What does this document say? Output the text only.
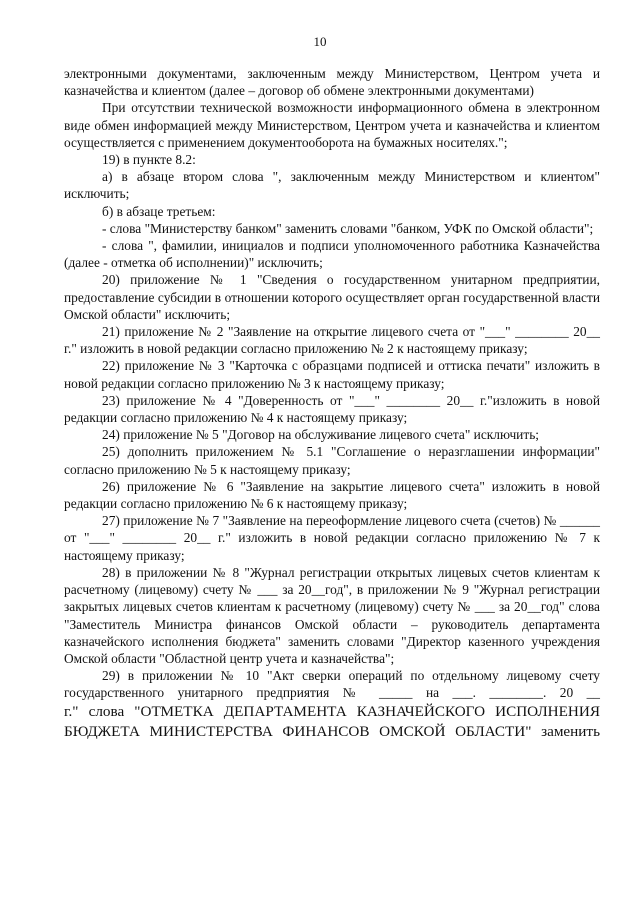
10

электронными документами, заключенным между Министерством, Центром учета и казначейства и клиентом (далее – договор об обмене электронными документами)

При отсутствии технической возможности информационного обмена в электронном виде обмен информацией между Министерством, Центром учета и казначейства и клиентом осуществляется с применением документооборота на бумажных носителях.";

19) в пункте 8.2:

а) в абзаце втором слова ", заключенным между Министерством и клиентом" исключить;

б) в абзаце третьем:

- слова "Министерству банком" заменить словами "банком, УФК по Омской области";

- слова ", фамилии, инициалов и подписи уполномоченного работника Казначейства (далее - отметка об исполнении)" исключить;

20) приложение № 1 "Сведения о государственном унитарном предприятии, предоставление субсидии в отношении которого осуществляет орган государственной власти Омской области" исключить;

21) приложение № 2 "Заявление на открытие лицевого счета от "___" ________ 20__ г." изложить в новой редакции согласно приложению № 2 к настоящему приказу;

22) приложение № 3 "Карточка с образцами подписей и оттиска печати" изложить в новой редакции согласно приложению № 3 к настоящему приказу;

23) приложение № 4 "Доверенность от "___" ________ 20__ г."изложить в новой редакции согласно приложению № 4 к настоящему приказу;

24) приложение № 5 "Договор на обслуживание лицевого счета" исключить;

25) дополнить приложением № 5.1 "Соглашение о неразглашении информации" согласно приложению № 5 к настоящему приказу;

26) приложение № 6 "Заявление на закрытие лицевого счета" изложить в новой редакции согласно приложению № 6 к настоящему приказу;

27) приложение № 7 "Заявление на переоформление лицевого счета (счетов) № ______ от "___" ________ 20__ г." изложить в новой редакции согласно приложению № 7 к настоящему приказу;

28) в приложении № 8 "Журнал регистрации открытых лицевых счетов клиентам к расчетному (лицевому) счету № ___ за 20__год", в приложении № 9 "Журнал регистрации закрытых лицевых счетов клиентам к расчетному (лицевому) счету № ___ за 20__год" слова "Заместитель Министра финансов Омской области – руководитель департамента казначейского исполнения бюджета" заменить словами "Директор казенного учреждения Омской области "Областной центр учета и казначейства";

29) в приложении № 10 "Акт сверки операций по отдельному лицевому счету государственного унитарного предприятия № _____ на ___. ________. 20 __

г." слова "ОТМЕТКА ДЕПАРТАМЕНТА КАЗНАЧЕЙСКОГО ИСПОЛНЕНИЯ БЮДЖЕТА МИНИСТЕРСТВА ФИНАНСОВ ОМСКОЙ ОБЛАСТИ" заменить
